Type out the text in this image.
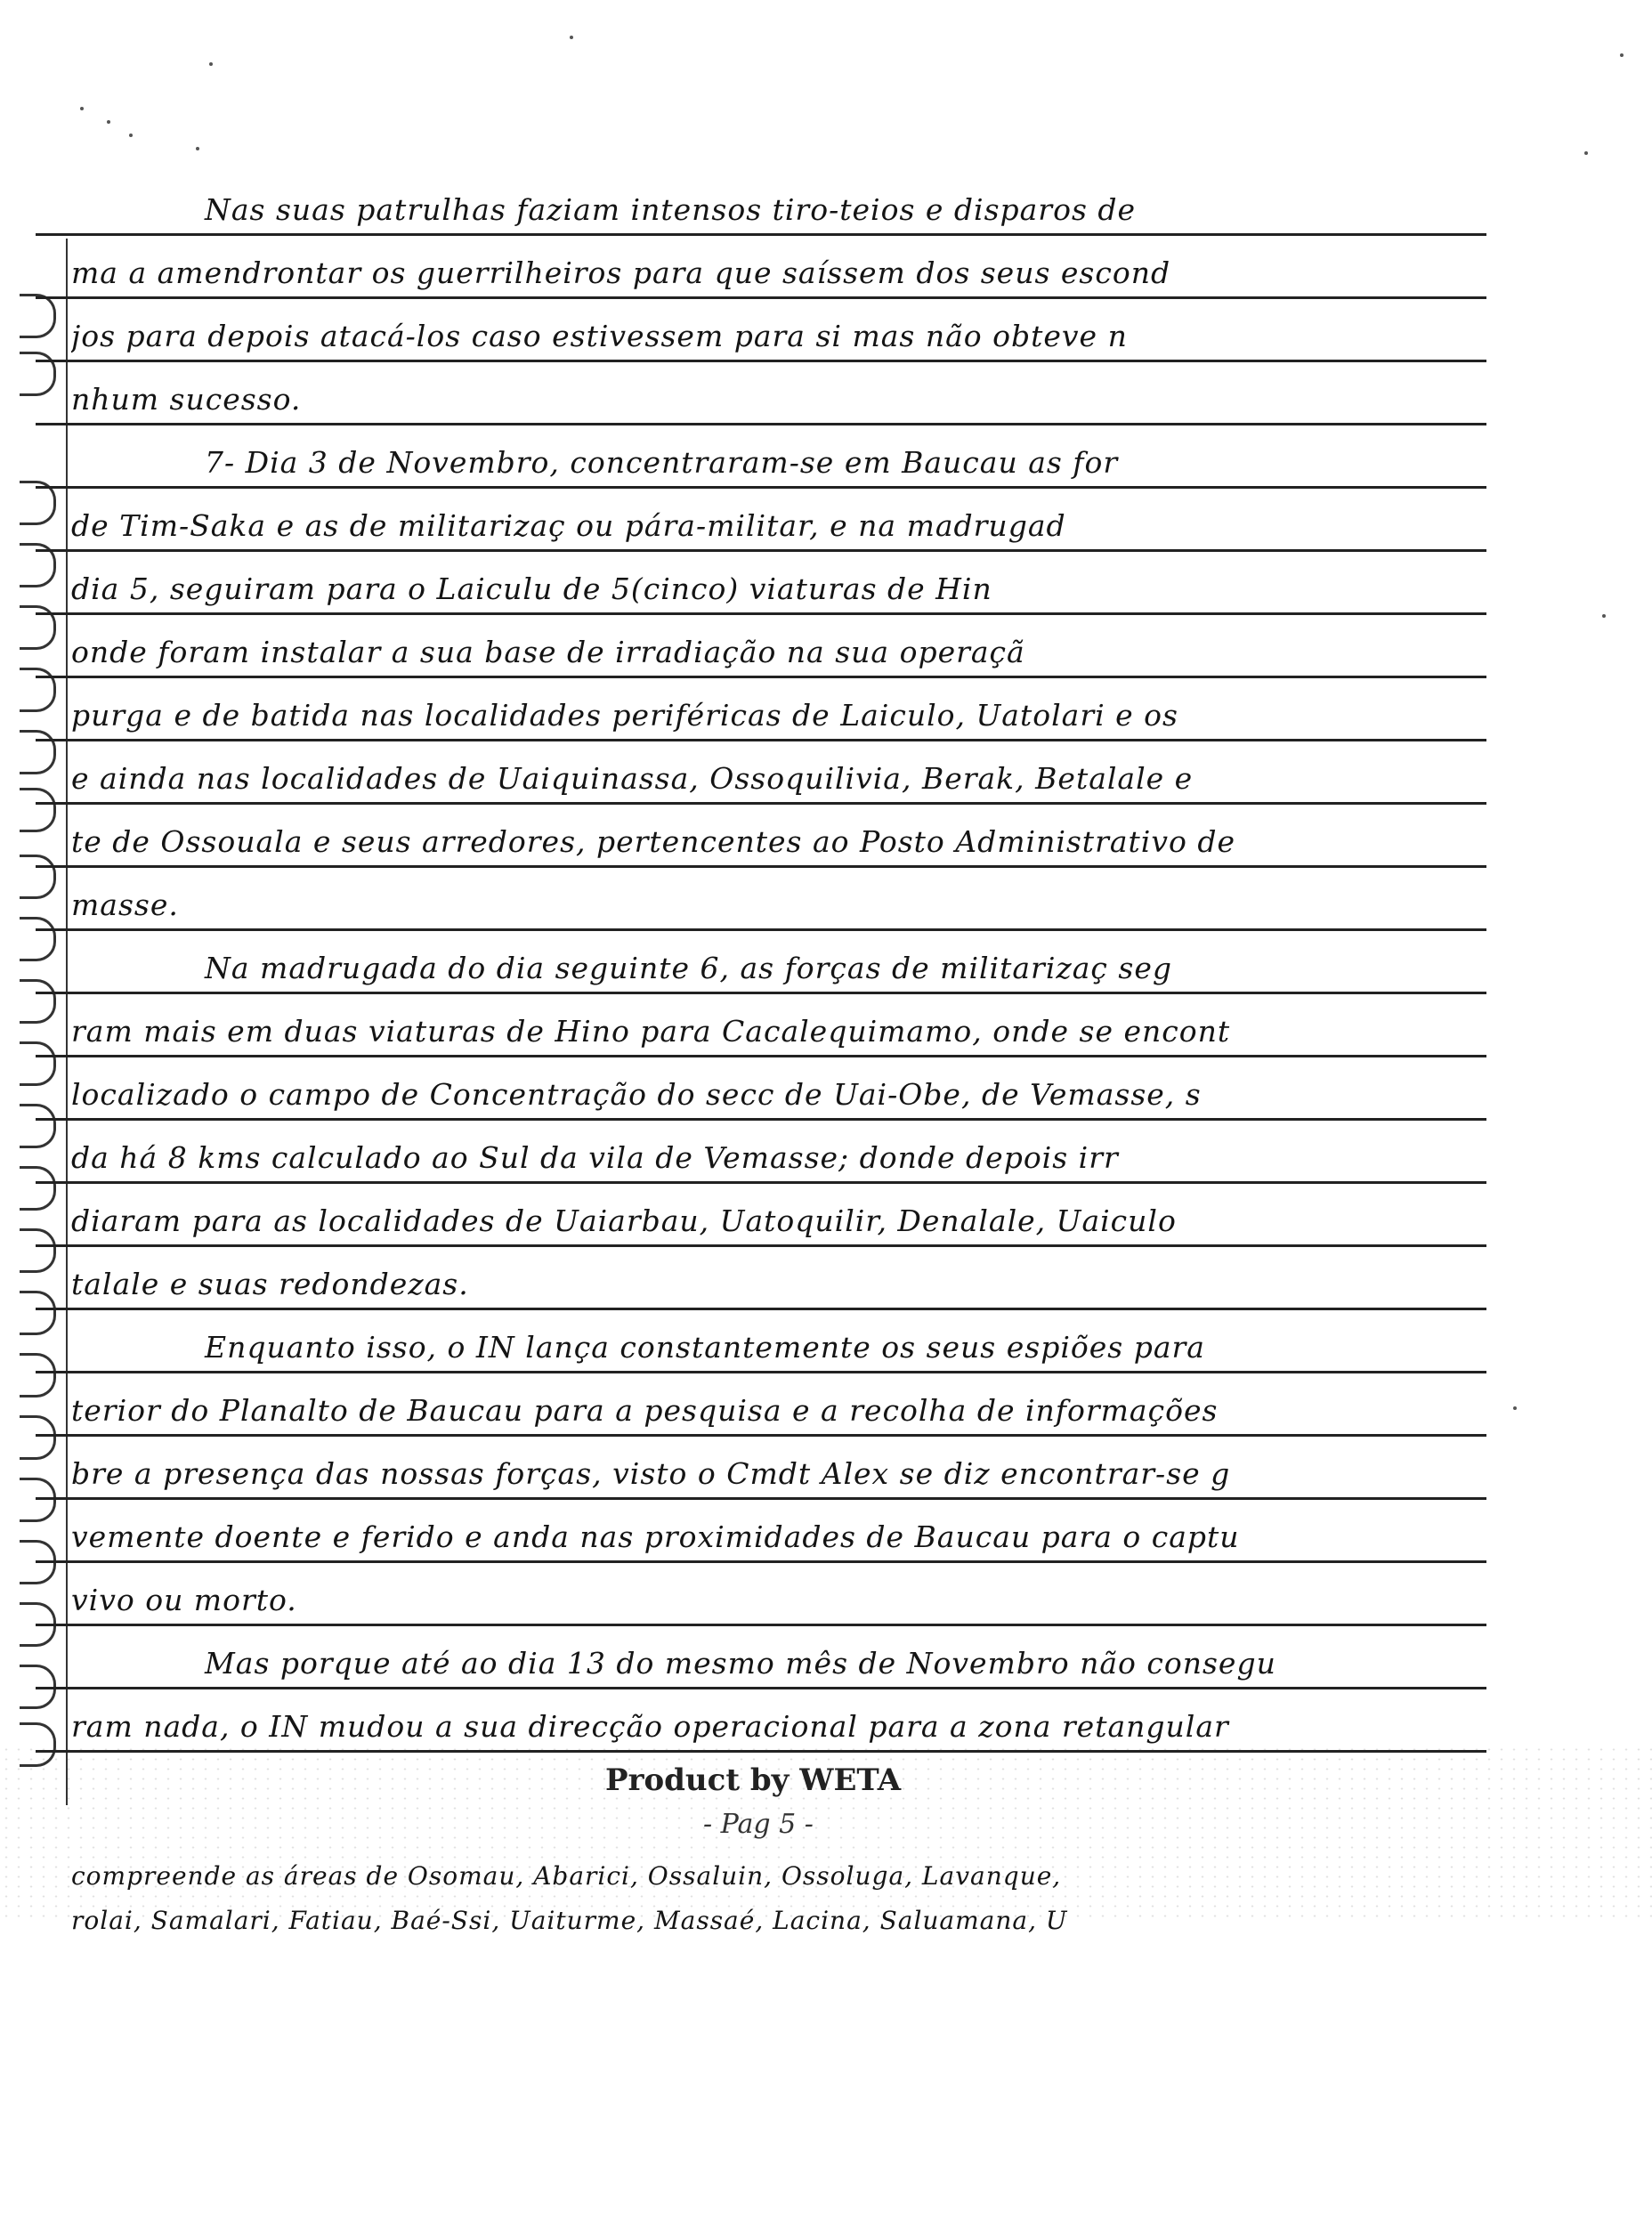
Nas suas patrulhas faziam intensos tiro-teios e disparos de
ma a amendrontar os guerrilheiros para que saíssem dos seus escond
jos para depois atacá-los caso estivessem para si mas não obteve n
nhum sucesso.
7- Dia 3 de Novembro, concentraram-se em Baucau as for
de Tim-Saka e as de militarizaç ou pára-militar, e na madrugad
dia 5, seguiram para o Laiculu de 5(cinco) viaturas de Hin
onde foram instalar a sua base de irradiação na sua operaçã
purga e de batida nas localidades periféricas de Laiculo, Uatolari e os
e ainda nas localidades de Uaiquinassa, Ossoquilivia, Berak, Betalale e
te de Ossouala e seus arredores, pertencentes ao Posto Administrativo de
masse.
Na madrugada do dia seguinte 6, as forças de militarizaç seg
ram mais em duas viaturas de Hino para Cacalequimamo, onde se encont
localizado o campo de Concentração do secc de Uai-Obe, de Vemasse, s
da há 8 kms calculado ao Sul da vila de Vemasse; donde depois irr
diaram para as localidades de Uaiarbau, Uatoquilir, Denalale, Uaiculo
talale e suas redondezas.
Enquanto isso, o IN lança constantemente os seus espiões para
terior do Planalto de Baucau para a pesquisa e a recolha de informações
bre a presença das nossas forças, visto o Cmdt Alex se diz encontrar-se g
vemente doente e ferido e anda nas proximidades de Baucau para o captu
vivo ou morto.
Mas porque até ao dia 13 do mesmo mês de Novembro não consegu
ram nada, o IN mudou a sua direcção operacional para a zona retangular
Product by WETA
- Pag 5 -
compreende as áreas de Osomau, Abarici, Ossaluin, Ossoluga, Lavanque,
rolai, Samalari, Fatiau, Baé-Ssi, Uaiturme, Massaé, Lacina, Saluamana, U
